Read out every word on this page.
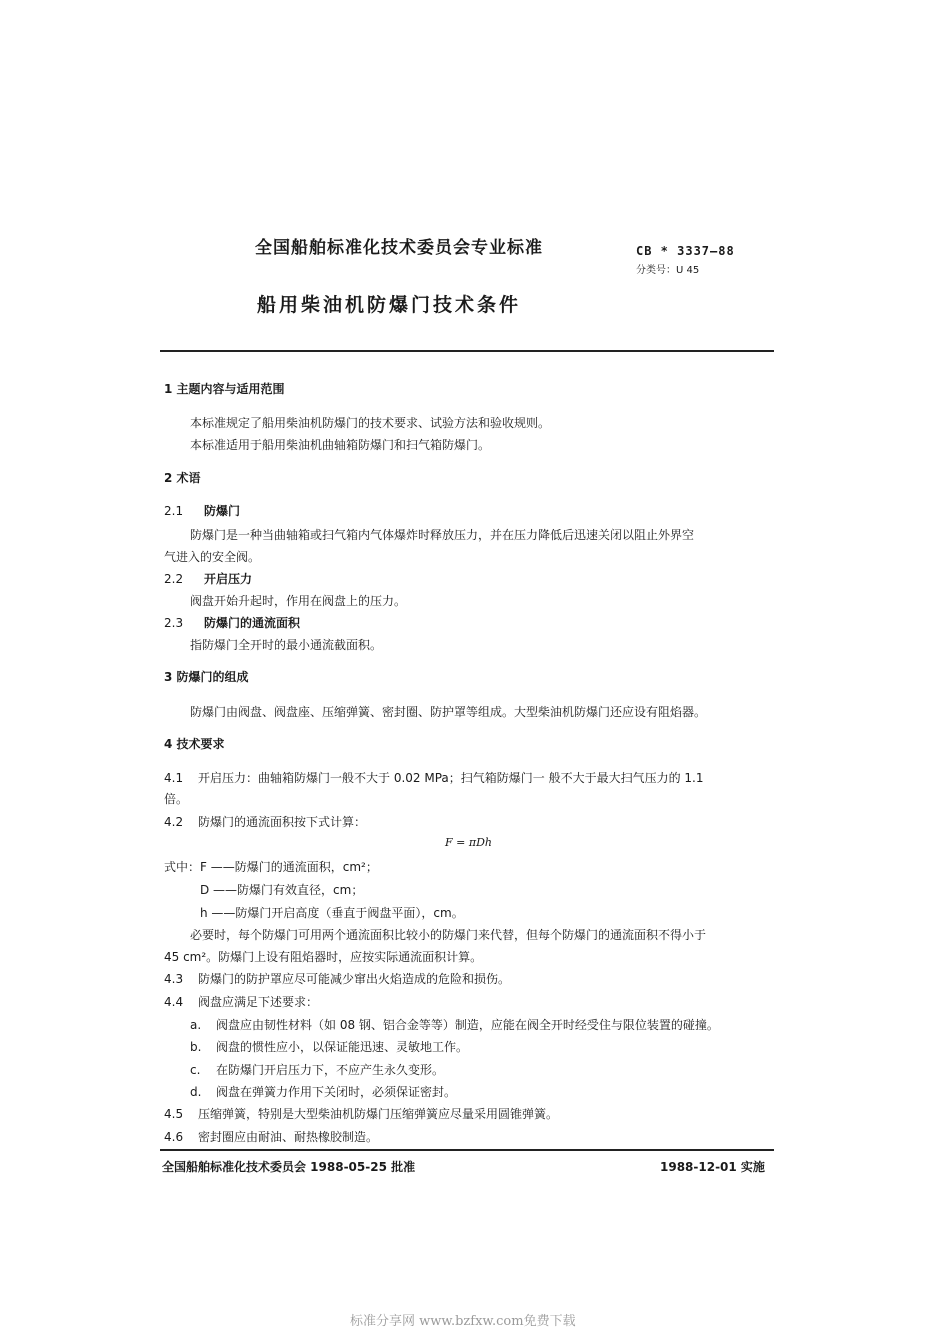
全国船舶标准化技术委员会专业标准
船用柴油机防爆门技术条件
CB * 3337—88
分类号：U 45
1 主题内容与适用范围
本标准规定了船用柴油机防爆门的技术要求、试验方法和验收规则。
本标准适用于船用柴油机曲轴箱防爆门和扫气箱防爆门。
2 术语
2.1 防爆门
防爆门是一种当曲轴箱或扫气箱内气体爆炸时释放压力，并在压力降低后迅速关闭以阻止外界空
气进入的安全阀。
2.2 开启压力
阀盘开始升起时，作用在阀盘上的压力。
2.3 防爆门的通流面积
指防爆门全开时的最小通流截面积。
3 防爆门的组成
防爆门由阀盘、阀盘座、压缩弹簧、密封圈、防护罩等组成。大型柴油机防爆门还应设有阻焰器。
4 技术要求
4.1 开启压力：曲轴箱防爆门一般不大于 0.02 MPa；扫气箱防爆门一 般不大于最大扫气压力的 1.1
倍。
4.2 防爆门的通流面积按下式计算：
F = πDh
式中：F ——防爆门的通流面积，cm²；
D ——防爆门有效直径，cm；
h ——防爆门开启高度（垂直于阀盘平面），cm。
必要时，每个防爆门可用两个通流面积比较小的防爆门来代替，但每个防爆门的通流面积不得小于
45 cm²。防爆门上设有阻焰器时，应按实际通流面积计算。
4.3 防爆门的防护罩应尽可能减少窜出火焰造成的危险和损伤。
4.4 阀盘应满足下述要求：
a. 阀盘应由韧性材料（如 08 钢、铝合金等等）制造，应能在阀全开时经受住与限位装置的碰撞。
b. 阀盘的惯性应小，以保证能迅速、灵敏地工作。
c. 在防爆门开启压力下，不应产生永久变形。
d. 阀盘在弹簧力作用下关闭时，必须保证密封。
4.5 压缩弹簧，特别是大型柴油机防爆门压缩弹簧应尽量采用圆锥弹簧。
4.6 密封圈应由耐油、耐热橡胶制造。
全国船舶标准化技术委员会 1988-05-25 批准	1988-12-01 实施
标准分享网 www.bzfxw.com免费下载
